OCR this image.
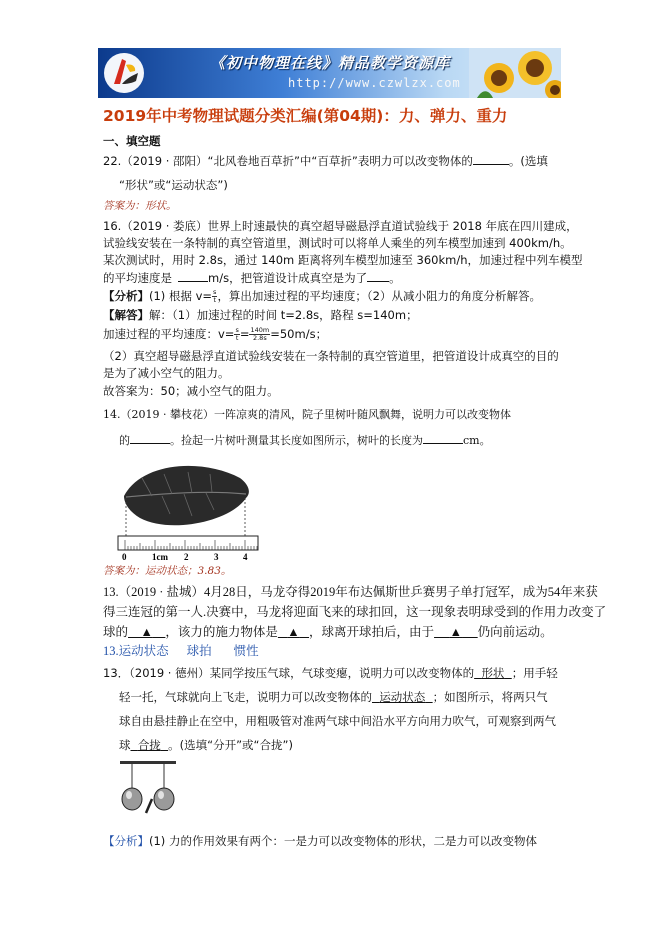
《初中物理在线》精品教学资源库
http://www.czwlzx.com
2019年中考物理试题分类汇编(第04期)：力、弹力、重力
一、填空题
22.（2019 · 邵阳）“北风卷地百草折”中“百草折”表明力可以改变物体的	。(选填
“形状”或“运动状态”)
答案为：形状。
16.（2019 · 娄底）世界上时速最快的真空超导磁悬浮直道试验线于 2018 年底在四川建成，
试验线安装在一条特制的真空管道里，测试时可以将单人乘坐的列车模型加速到 400km/h。
某次测试时，用时 2.8s，通过 140m 距离将列车模型加速至 360km/h，加速过程中列车模型
的平均速度是	m/s，把管道设计成真空是为了 。
【分析】(1) 根据 $v= \frac{s}{t}$ ，算出加速过程的平均速度；（2）从减小阻力的角度分析解答。
【解答】解：（1）加速过程的时间 t=2.8s，路程 s=140m；
加速过程的平均速度：$v= \frac{s}{t} = \frac{140m}{2.8s} =50m/s$；
（2）真空超导磁悬浮直道试验线安装在一条特制的真空管道里，把管道设计成真空的目的
是为了减小空气的阻力。
故答案为：50；减小空气的阻力。
14.（2019 · 攀枝花）一阵凉爽的清风，院子里树叶随风飘舞，说明力可以改变物体
的	。捡起一片树叶测量其长度如图所示，树叶的长度为	cm。
0	1cm 2	3	4
答案为：运动状态；3.83。
13.（2019 · 盐城）4月28日，马龙夺得2019年布达佩斯世乒赛男子单打冠军，成为54年来获
得三连冠的第一人.决赛中，马龙将迎面飞来的球扣回，这一现象表明球受到的作用力改变了
球的 ▲ ，该力的施力物体是 ▲ ，球离开球拍后，由于 ▲ 仍向前运动。
13.运动状态 球拍 惯性
13．（2019 · 德州）某同学按压气球，气球变瘪，说明力可以改变物体的 形状 ；用手轻
轻一托，气球就向上飞走，说明力可以改变物体的 运动状态 ；如图所示，将两只气
球自由悬挂静止在空中，用粗吸管对准两气球中间沿水平方向用力吹气，可观察到两气
球 合拢 。(选填“分开”或“合拢”)
【分析】(1) 力的作用效果有两个：一是力可以改变物体的形状，二是力可以改变物体
